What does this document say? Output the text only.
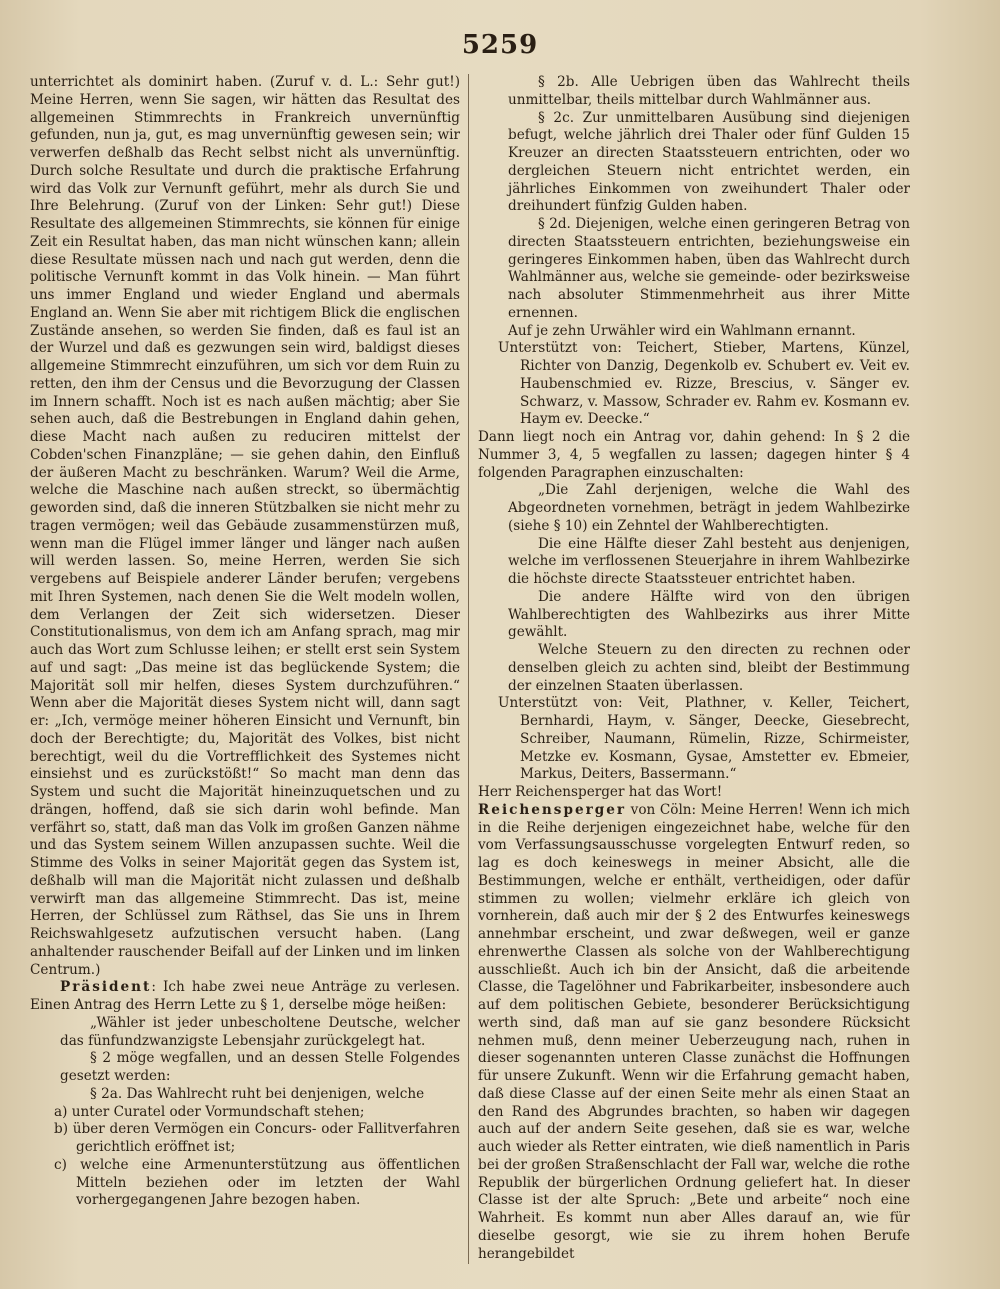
5259

unterrichtet als dominirt haben. (Zuruf v. d. L.: Sehr gut!) Meine Herren, wenn Sie sagen, wir hätten das Resultat des allgemeinen Stimmrechts in Frankreich unvernünftig gefunden, nun ja, gut, es mag unvernünftig gewesen sein; wir verwerfen deßhalb das Recht selbst nicht als unvernünftig. Durch solche Resultate und durch die praktische Erfahrung wird das Volk zur Vernunft geführt, mehr als durch Sie und Ihre Belehrung. (Zuruf von der Linken: Sehr gut!) Diese Resultate des allgemeinen Stimmrechts, sie können für einige Zeit ein Resultat haben, das man nicht wünschen kann; allein diese Resultate müssen nach und nach gut werden, denn die politische Vernunft kommt in das Volk hinein. — Man führt uns immer England und wieder England und abermals England an. Wenn Sie aber mit richtigem Blick die englischen Zustände ansehen, so werden Sie finden, daß es faul ist an der Wurzel und daß es gezwungen sein wird, baldigst dieses allgemeine Stimmrecht einzuführen, um sich vor dem Ruin zu retten, den ihm der Census und die Bevorzugung der Classen im Innern schafft. Noch ist es nach außen mächtig; aber Sie sehen auch, daß die Bestrebungen in England dahin gehen, diese Macht nach außen zu reduciren mittelst der Cobden'schen Finanzpläne; — sie gehen dahin, den Einfluß der äußeren Macht zu beschränken. Warum? Weil die Arme, welche die Maschine nach außen streckt, so übermächtig geworden sind, daß die inneren Stützbalken sie nicht mehr zu tragen vermögen; weil das Gebäude zusammenstürzen muß, wenn man die Flügel immer länger und länger nach außen will werden lassen. So, meine Herren, werden Sie sich vergebens auf Beispiele anderer Länder berufen; vergebens mit Ihren Systemen, nach denen Sie die Welt modeln wollen, dem Verlangen der Zeit sich widersetzen. Dieser Constitutionalismus, von dem ich am Anfang sprach, mag mir auch das Wort zum Schlusse leihen; er stellt erst sein System auf und sagt: „Das meine ist das beglückende System; die Majorität soll mir helfen, dieses System durchzuführen.“ Wenn aber die Majorität dieses System nicht will, dann sagt er: „Ich, vermöge meiner höheren Einsicht und Vernunft, bin doch der Berechtigte; du, Majorität des Volkes, bist nicht berechtigt, weil du die Vortrefflichkeit des Systemes nicht einsiehst und es zurückstößt!“ So macht man denn das System und sucht die Majorität hineinzuquetschen und zu drängen, hoffend, daß sie sich darin wohl befinde. Man verfährt so, statt, daß man das Volk im großen Ganzen nähme und das System seinem Willen anzupassen suchte. Weil die Stimme des Volks in seiner Majorität gegen das System ist, deßhalb will man die Majorität nicht zulassen und deßhalb verwirft man das allgemeine Stimmrecht. Das ist, meine Herren, der Schlüssel zum Räthsel, das Sie uns in Ihrem Reichswahlgesetz aufzutischen versucht haben. (Lang anhaltender rauschender Beifall auf der Linken und im linken Centrum.)

Präsident: Ich habe zwei neue Anträge zu verlesen. Einen Antrag des Herrn Lette zu § 1, derselbe möge heißen:

„Wähler ist jeder unbescholtene Deutsche, welcher das fünfundzwanzigste Lebensjahr zurückgelegt hat.

§ 2 möge wegfallen, und an dessen Stelle Folgendes gesetzt werden:

§ 2a. Das Wahlrecht ruht bei denjenigen, welche

a) unter Curatel oder Vormundschaft stehen;

b) über deren Vermögen ein Concurs- oder Fallitverfahren gerichtlich eröffnet ist;

c) welche eine Armenunterstützung aus öffentlichen Mitteln beziehen oder im letzten der Wahl vorhergegangenen Jahre bezogen haben.

§ 2b. Alle Uebrigen üben das Wahlrecht theils unmittelbar, theils mittelbar durch Wahlmänner aus.

§ 2c. Zur unmittelbaren Ausübung sind diejenigen befugt, welche jährlich drei Thaler oder fünf Gulden 15 Kreuzer an directen Staatssteuern entrichten, oder wo dergleichen Steuern nicht entrichtet werden, ein jährliches Einkommen von zweihundert Thaler oder dreihundert fünfzig Gulden haben.

§ 2d. Diejenigen, welche einen geringeren Betrag von directen Staatssteuern entrichten, beziehungsweise ein geringeres Einkommen haben, üben das Wahlrecht durch Wahlmänner aus, welche sie gemeinde- oder bezirksweise nach absoluter Stimmenmehrheit aus ihrer Mitte ernennen.

Auf je zehn Urwähler wird ein Wahlmann ernannt.

Unterstützt von: Teichert, Stieber, Martens, Künzel, Richter von Danzig, Degenkolb ev. Schubert ev. Veit ev. Haubenschmied ev. Rizze, Brescius, v. Sänger ev. Schwarz, v. Massow, Schrader ev. Rahm ev. Kosmann ev. Haym ev. Deecke.“

Dann liegt noch ein Antrag vor, dahin gehend: In § 2 die Nummer 3, 4, 5 wegfallen zu lassen; dagegen hinter § 4 folgenden Paragraphen einzuschalten:

„Die Zahl derjenigen, welche die Wahl des Abgeordneten vornehmen, beträgt in jedem Wahlbezirke (siehe § 10) ein Zehntel der Wahlberechtigten.

Die eine Hälfte dieser Zahl besteht aus denjenigen, welche im verflossenen Steuerjahre in ihrem Wahlbezirke die höchste directe Staatssteuer entrichtet haben.

Die andere Hälfte wird von den übrigen Wahlberechtigten des Wahlbezirks aus ihrer Mitte gewählt.

Welche Steuern zu den directen zu rechnen oder denselben gleich zu achten sind, bleibt der Bestimmung der einzelnen Staaten überlassen.

Unterstützt von: Veit, Plathner, v. Keller, Teichert, Bernhardi, Haym, v. Sänger, Deecke, Giesebrecht, Schreiber, Naumann, Rümelin, Rizze, Schirmeister, Metzke ev. Kosmann, Gysae, Amstetter ev. Ebmeier, Markus, Deiters, Bassermann.“

Herr Reichensperger hat das Wort!

Reichensperger von Cöln: Meine Herren! Wenn ich mich in die Reihe derjenigen eingezeichnet habe, welche für den vom Verfassungsausschusse vorgelegten Entwurf reden, so lag es doch keineswegs in meiner Absicht, alle die Bestimmungen, welche er enthält, vertheidigen, oder dafür stimmen zu wollen; vielmehr erkläre ich gleich von vornherein, daß auch mir der § 2 des Entwurfes keineswegs annehmbar erscheint, und zwar deßwegen, weil er ganze ehrenwerthe Classen als solche von der Wahlberechtigung ausschließt. Auch ich bin der Ansicht, daß die arbeitende Classe, die Tagelöhner und Fabrikarbeiter, insbesondere auch auf dem politischen Gebiete, besonderer Berücksichtigung werth sind, daß man auf sie ganz besondere Rücksicht nehmen muß, denn meiner Ueberzeugung nach, ruhen in dieser sogenannten unteren Classe zunächst die Hoffnungen für unsere Zukunft. Wenn wir die Erfahrung gemacht haben, daß diese Classe auf der einen Seite mehr als einen Staat an den Rand des Abgrundes brachten, so haben wir dagegen auch auf der andern Seite gesehen, daß sie es war, welche auch wieder als Retter eintraten, wie dieß namentlich in Paris bei der großen Straßenschlacht der Fall war, welche die rothe Republik der bürgerlichen Ordnung geliefert hat. In dieser Classe ist der alte Spruch: „Bete und arbeite“ noch eine Wahrheit. Es kommt nun aber Alles darauf an, wie für dieselbe gesorgt, wie sie zu ihrem hohen Berufe herangebildet
